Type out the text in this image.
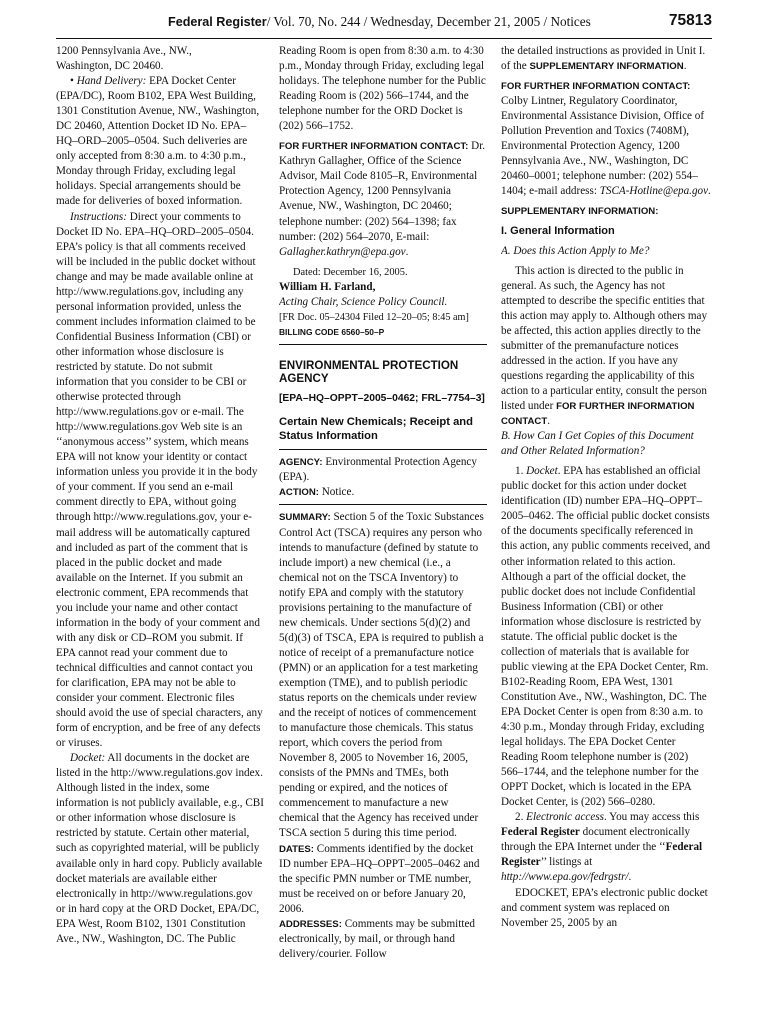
Federal Register/ Vol. 70, No. 244 / Wednesday, December 21, 2005 / Notices	75813

1200 Pennsylvania Ave., NW.,

Washington, DC 20460.

• Hand Delivery: EPA Docket Center (EPA/DC), Room B102, EPA West Building, 1301 Constitution Avenue, NW., Washington, DC 20460, Attention Docket ID No. EPA–HQ–ORD–2005–0504. Such deliveries are only accepted from 8:30 a.m. to 4:30 p.m., Monday through Friday, excluding legal holidays. Special arrangements should be made for deliveries of boxed information.

Instructions: Direct your comments to Docket ID No. EPA–HQ–ORD–2005–0504. EPA’s policy is that all comments received will be included in the public docket without change and may be made available online at http://www.regulations.gov, including any personal information provided, unless the comment includes information claimed to be Confidential Business Information (CBI) or other information whose disclosure is restricted by statute. Do not submit information that you consider to be CBI or otherwise protected through http://www.regulations.gov or e-mail. The http://www.regulations.gov Web site is an ‘‘anonymous access’’ system, which means EPA will not know your identity or contact information unless you provide it in the body of your comment. If you send an e-mail comment directly to EPA, without going through http://www.regulations.gov, your e-mail address will be automatically captured and included as part of the comment that is placed in the public docket and made available on the Internet. If you submit an electronic comment, EPA recommends that you include your name and other contact information in the body of your comment and with any disk or CD–ROM you submit. If EPA cannot read your comment due to technical difficulties and cannot contact you for clarification, EPA may not be able to consider your comment. Electronic files should avoid the use of special characters, any form of encryption, and be free of any defects or viruses.

Docket: All documents in the docket are listed in the http://www.regulations.gov index. Although listed in the index, some information is not publicly available, e.g., CBI or other information whose disclosure is restricted by statute. Certain other material, such as copyrighted material, will be publicly available only in hard copy. Publicly available docket materials are available either electronically in http://www.regulations.gov or in hard copy at the ORD Docket, EPA/DC, EPA West, Room B102, 1301 Constitution Ave., NW., Washington, DC. The Public

Reading Room is open from 8:30 a.m. to 4:30 p.m., Monday through Friday, excluding legal holidays. The telephone number for the Public Reading Room is (202) 566–1744, and the telephone number for the ORD Docket is (202) 566–1752.

FOR FURTHER INFORMATION CONTACT: Dr. Kathryn Gallagher, Office of the Science Advisor, Mail Code 8105–R, Environmental Protection Agency, 1200 Pennsylvania Avenue, NW., Washington, DC 20460; telephone number: (202) 564–1398; fax number: (202) 564–2070, E-mail: Gallagher.kathryn@epa.gov.

Dated: December 16, 2005.

William H. Farland,

Acting Chair, Science Policy Council.

[FR Doc. 05–24304 Filed 12–20–05; 8:45 am]

BILLING CODE 6560–50–P

ENVIRONMENTAL PROTECTION AGENCY

[EPA–HQ–OPPT–2005–0462; FRL–7754–3]

Certain New Chemicals; Receipt and Status Information

AGENCY: Environmental Protection Agency (EPA).

ACTION: Notice.

SUMMARY: Section 5 of the Toxic Substances Control Act (TSCA) requires any person who intends to manufacture (defined by statute to include import) a new chemical (i.e., a chemical not on the TSCA Inventory) to notify EPA and comply with the statutory provisions pertaining to the manufacture of new chemicals. Under sections 5(d)(2) and 5(d)(3) of TSCA, EPA is required to publish a notice of receipt of a premanufacture notice (PMN) or an application for a test marketing exemption (TME), and to publish periodic status reports on the chemicals under review and the receipt of notices of commencement to manufacture those chemicals. This status report, which covers the period from November 8, 2005 to November 16, 2005, consists of the PMNs and TMEs, both pending or expired, and the notices of commencement to manufacture a new chemical that the Agency has received under TSCA section 5 during this time period.

DATES: Comments identified by the docket ID number EPA–HQ–OPPT–2005–0462 and the specific PMN number or TME number, must be received on or before January 20, 2006.

ADDRESSES: Comments may be submitted electronically, by mail, or through hand delivery/courier. Follow

the detailed instructions as provided in Unit I. of the SUPPLEMENTARY INFORMATION.

FOR FURTHER INFORMATION CONTACT: Colby Lintner, Regulatory Coordinator, Environmental Assistance Division, Office of Pollution Prevention and Toxics (7408M), Environmental Protection Agency, 1200 Pennsylvania Ave., NW., Washington, DC 20460–0001; telephone number: (202) 554–1404; e-mail address: TSCA-Hotline@epa.gov.

SUPPLEMENTARY INFORMATION:

I. General Information

A. Does this Action Apply to Me?

This action is directed to the public in general. As such, the Agency has not attempted to describe the specific entities that this action may apply to. Although others may be affected, this action applies directly to the submitter of the premanufacture notices addressed in the action. If you have any questions regarding the applicability of this action to a particular entity, consult the person listed under FOR FURTHER INFORMATION CONTACT.

B. How Can I Get Copies of this Document and Other Related Information?

1. Docket. EPA has established an official public docket for this action under docket identification (ID) number EPA–HQ–OPPT–2005–0462. The official public docket consists of the documents specifically referenced in this action, any public comments received, and other information related to this action. Although a part of the official docket, the public docket does not include Confidential Business Information (CBI) or other information whose disclosure is restricted by statute. The official public docket is the collection of materials that is available for public viewing at the EPA Docket Center, Rm. B102-Reading Room, EPA West, 1301 Constitution Ave., NW., Washington, DC. The EPA Docket Center is open from 8:30 a.m. to 4:30 p.m., Monday through Friday, excluding legal holidays. The EPA Docket Center Reading Room telephone number is (202) 566–1744, and the telephone number for the OPPT Docket, which is located in the EPA Docket Center, is (202) 566–0280.

2. Electronic access. You may access this Federal Register document electronically through the EPA Internet under the ‘‘Federal Register’’ listings at http://www.epa.gov/fedrgstr/.

EDOCKET, EPA’s electronic public docket and comment system was replaced on November 25, 2005 by an
